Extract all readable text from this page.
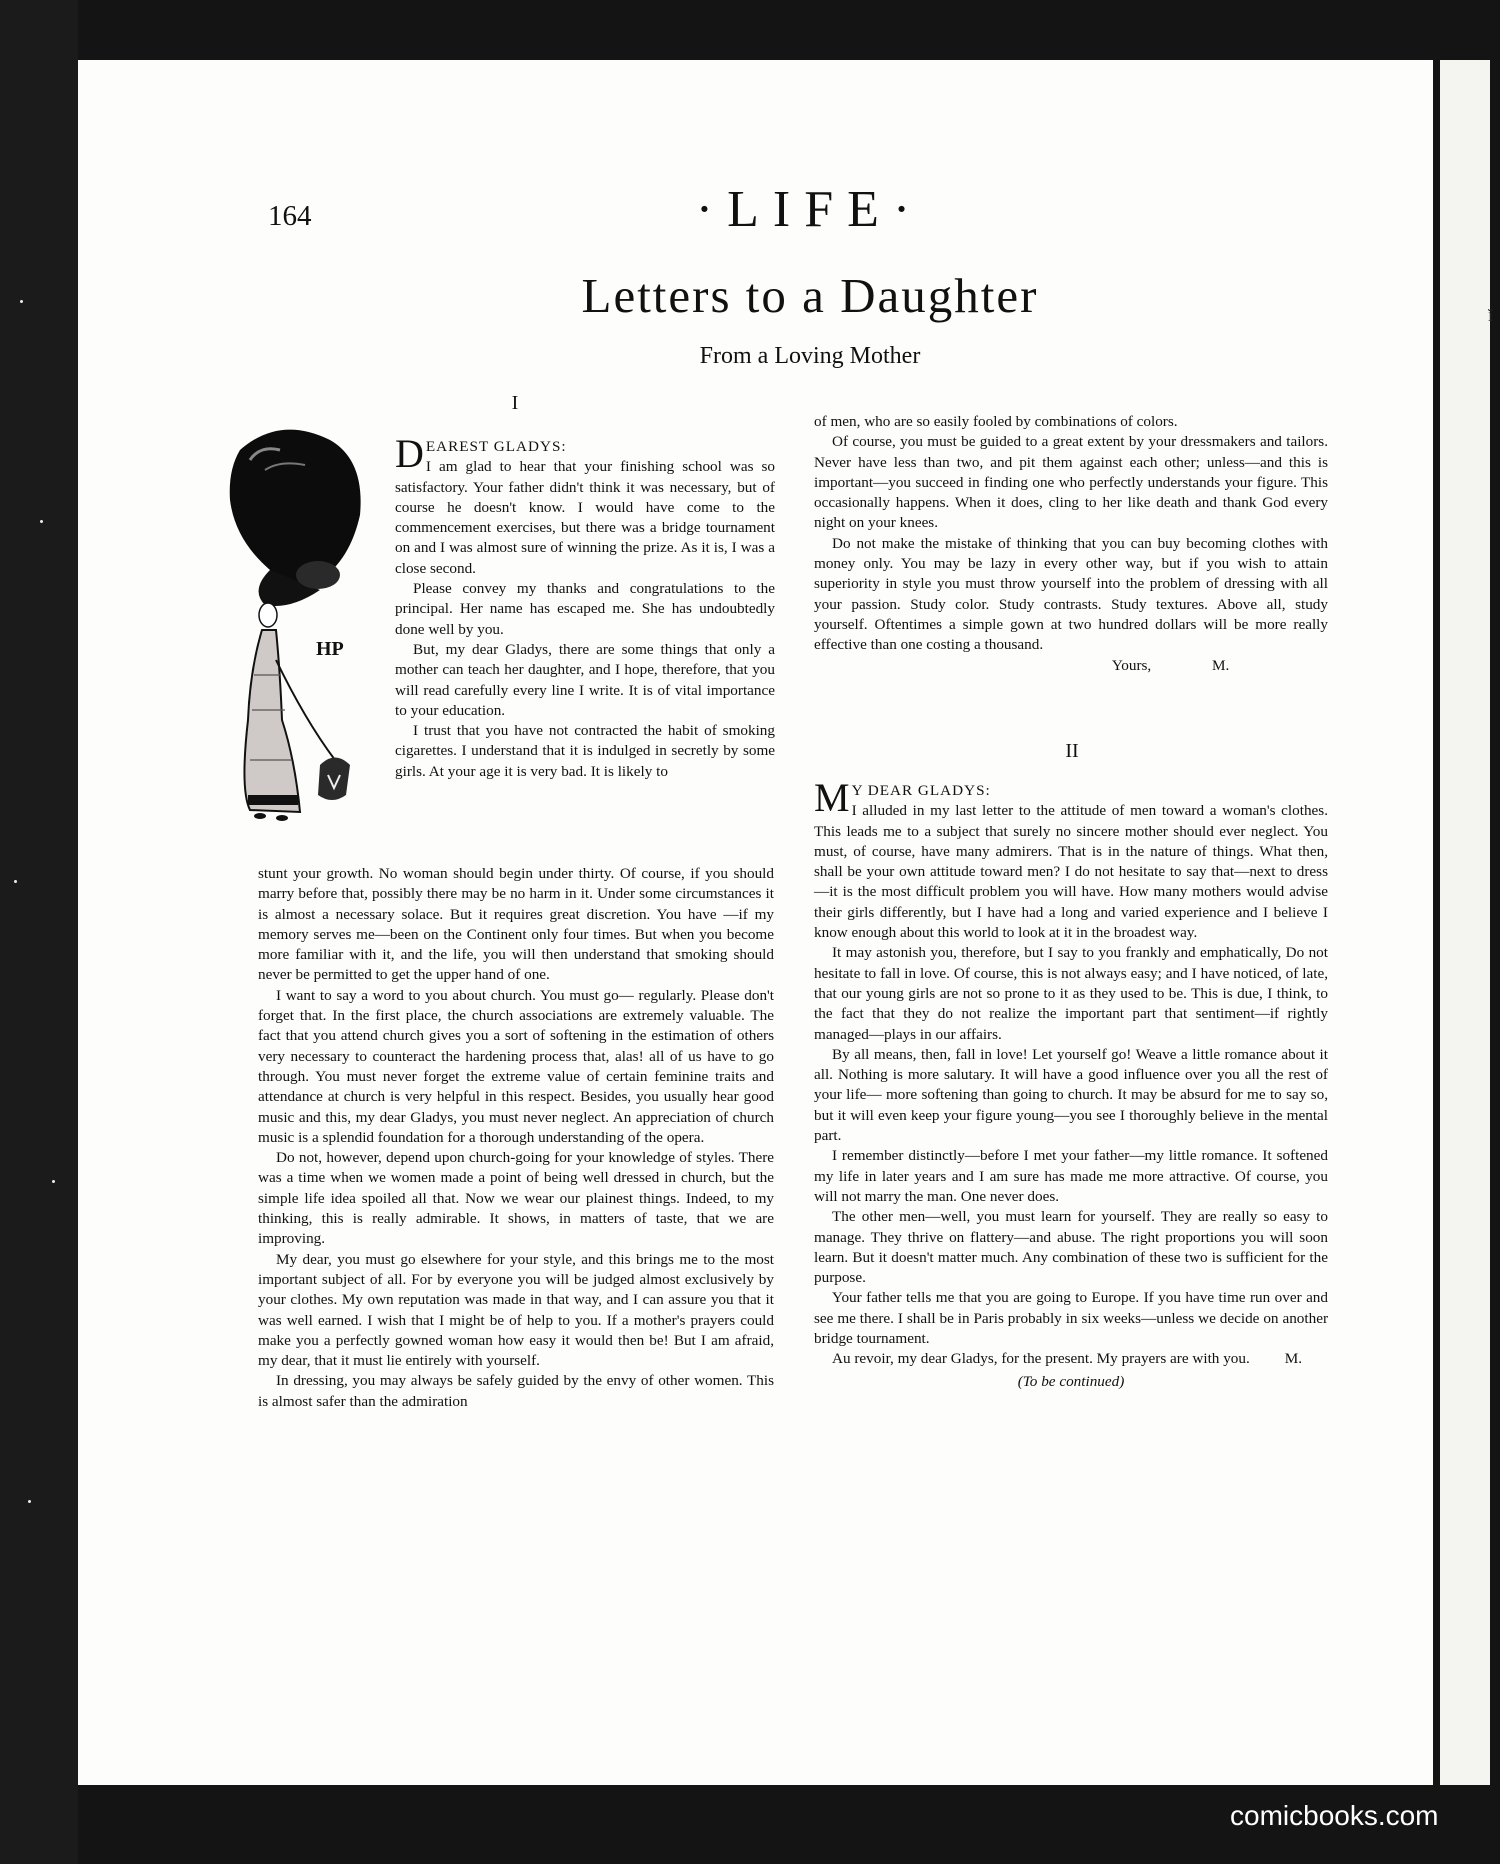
ĭ
164	·LIFE·
Letters to a Daughter
From a Loving Mother
I
HP

DEAREST GLADYS:
I am glad to hear that your finishing school was so satisfactory. Your father didn't think it was necessary, but of course he doesn't know. I would have come to the commencement exercises, but there was a bridge tournament on and I was almost sure of winning the prize. As it is, I was a close second.

Please convey my thanks and congratulations to the principal. Her name has escaped me. She has undoubtedly done well by you.

But, my dear Gladys, there are some things that only a mother can teach her daughter, and I hope, therefore, that you will read carefully every line I write. It is of vital importance to your education.

I trust that you have not contracted the habit of smoking cigarettes. I understand that it is indulged in secretly by some girls. At your age it is very bad. It is likely to

stunt your growth. No woman should begin under thirty. Of course, if you should marry before that, possibly there may be no harm in it. Under some circumstances it is almost a necessary solace. But it requires great discretion. You have —if my memory serves me—been on the Continent only four times. But when you become more familiar with it, and the life, you will then understand that smoking should never be permitted to get the upper hand of one.

I want to say a word to you about church. You must go— regularly. Please don't forget that. In the first place, the church associations are extremely valuable. The fact that you attend church gives you a sort of softening in the estimation of others very necessary to counteract the hardening process that, alas! all of us have to go through. You must never forget the extreme value of certain feminine traits and attendance at church is very helpful in this respect. Besides, you usually hear good music and this, my dear Gladys, you must never neglect. An appreciation of church music is a splendid foundation for a thorough understanding of the opera.

Do not, however, depend upon church-going for your knowledge of styles. There was a time when we women made a point of being well dressed in church, but the simple life idea spoiled all that. Now we wear our plainest things. Indeed, to my thinking, this is really admirable. It shows, in matters of taste, that we are improving.

My dear, you must go elsewhere for your style, and this brings me to the most important subject of all. For by everyone you will be judged almost exclusively by your clothes. My own reputation was made in that way, and I can assure you that it was well earned. I wish that I might be of help to you. If a mother's prayers could make you a perfectly gowned woman how easy it would then be! But I am afraid, my dear, that it must lie entirely with yourself.

In dressing, you may always be safely guided by the envy of other women. This is almost safer than the admiration

of men, who are so easily fooled by combinations of colors.

Of course, you must be guided to a great extent by your dressmakers and tailors. Never have less than two, and pit them against each other; unless—and this is important—you succeed in finding one who perfectly understands your figure. This occasionally happens. When it does, cling to her like death and thank God every night on your knees.

Do not make the mistake of thinking that you can buy becoming clothes with money only. You may be lazy in every other way, but if you wish to attain superiority in style you must throw yourself into the problem of dressing with all your passion. Study color. Study contrasts. Study textures. Above all, study yourself. Oftentimes a simple gown at two hundred dollars will be more really effective than one costing a thousand.

Yours,	M.
II

M Y DEAR GLADYS:
I alluded in my last letter to the attitude of men toward a woman's clothes. This leads me to a subject that surely no sincere mother should ever neglect. You must, of course, have many admirers. That is in the nature of things. What then, shall be your own attitude toward men? I do not hesitate to say that—next to dress—it is the most difficult problem you will have. How many mothers would advise their girls differently, but I have had a long and varied experience and I believe I know enough about this world to look at it in the broadest way.

It may astonish you, therefore, but I say to you frankly and emphatically, Do not hesitate to fall in love. Of course, this is not always easy; and I have noticed, of late, that our young girls are not so prone to it as they used to be. This is due, I think, to the fact that they do not realize the important part that sentiment—if rightly managed—plays in our affairs.

By all means, then, fall in love! Let yourself go! Weave a little romance about it all. Nothing is more salutary. It will have a good influence over you all the rest of your life— more softening than going to church. It may be absurd for me to say so, but it will even keep your figure young—you see I thoroughly believe in the mental part.

I remember distinctly—before I met your father—my little romance. It softened my life in later years and I am sure has made me more attractive. Of course, you will not marry the man. One never does.

The other men—well, you must learn for yourself. They are really so easy to manage. They thrive on flattery—and abuse. The right proportions you will soon learn. But it doesn't matter much. Any combination of these two is sufficient for the purpose.

Your father tells me that you are going to Europe. If you have time run over and see me there. I shall be in Paris probably in six weeks—unless we decide on another bridge tournament.

Au revoir, my dear Gladys, for the present. My prayers are with you. M.
(To be continued)
comicbooks.com
